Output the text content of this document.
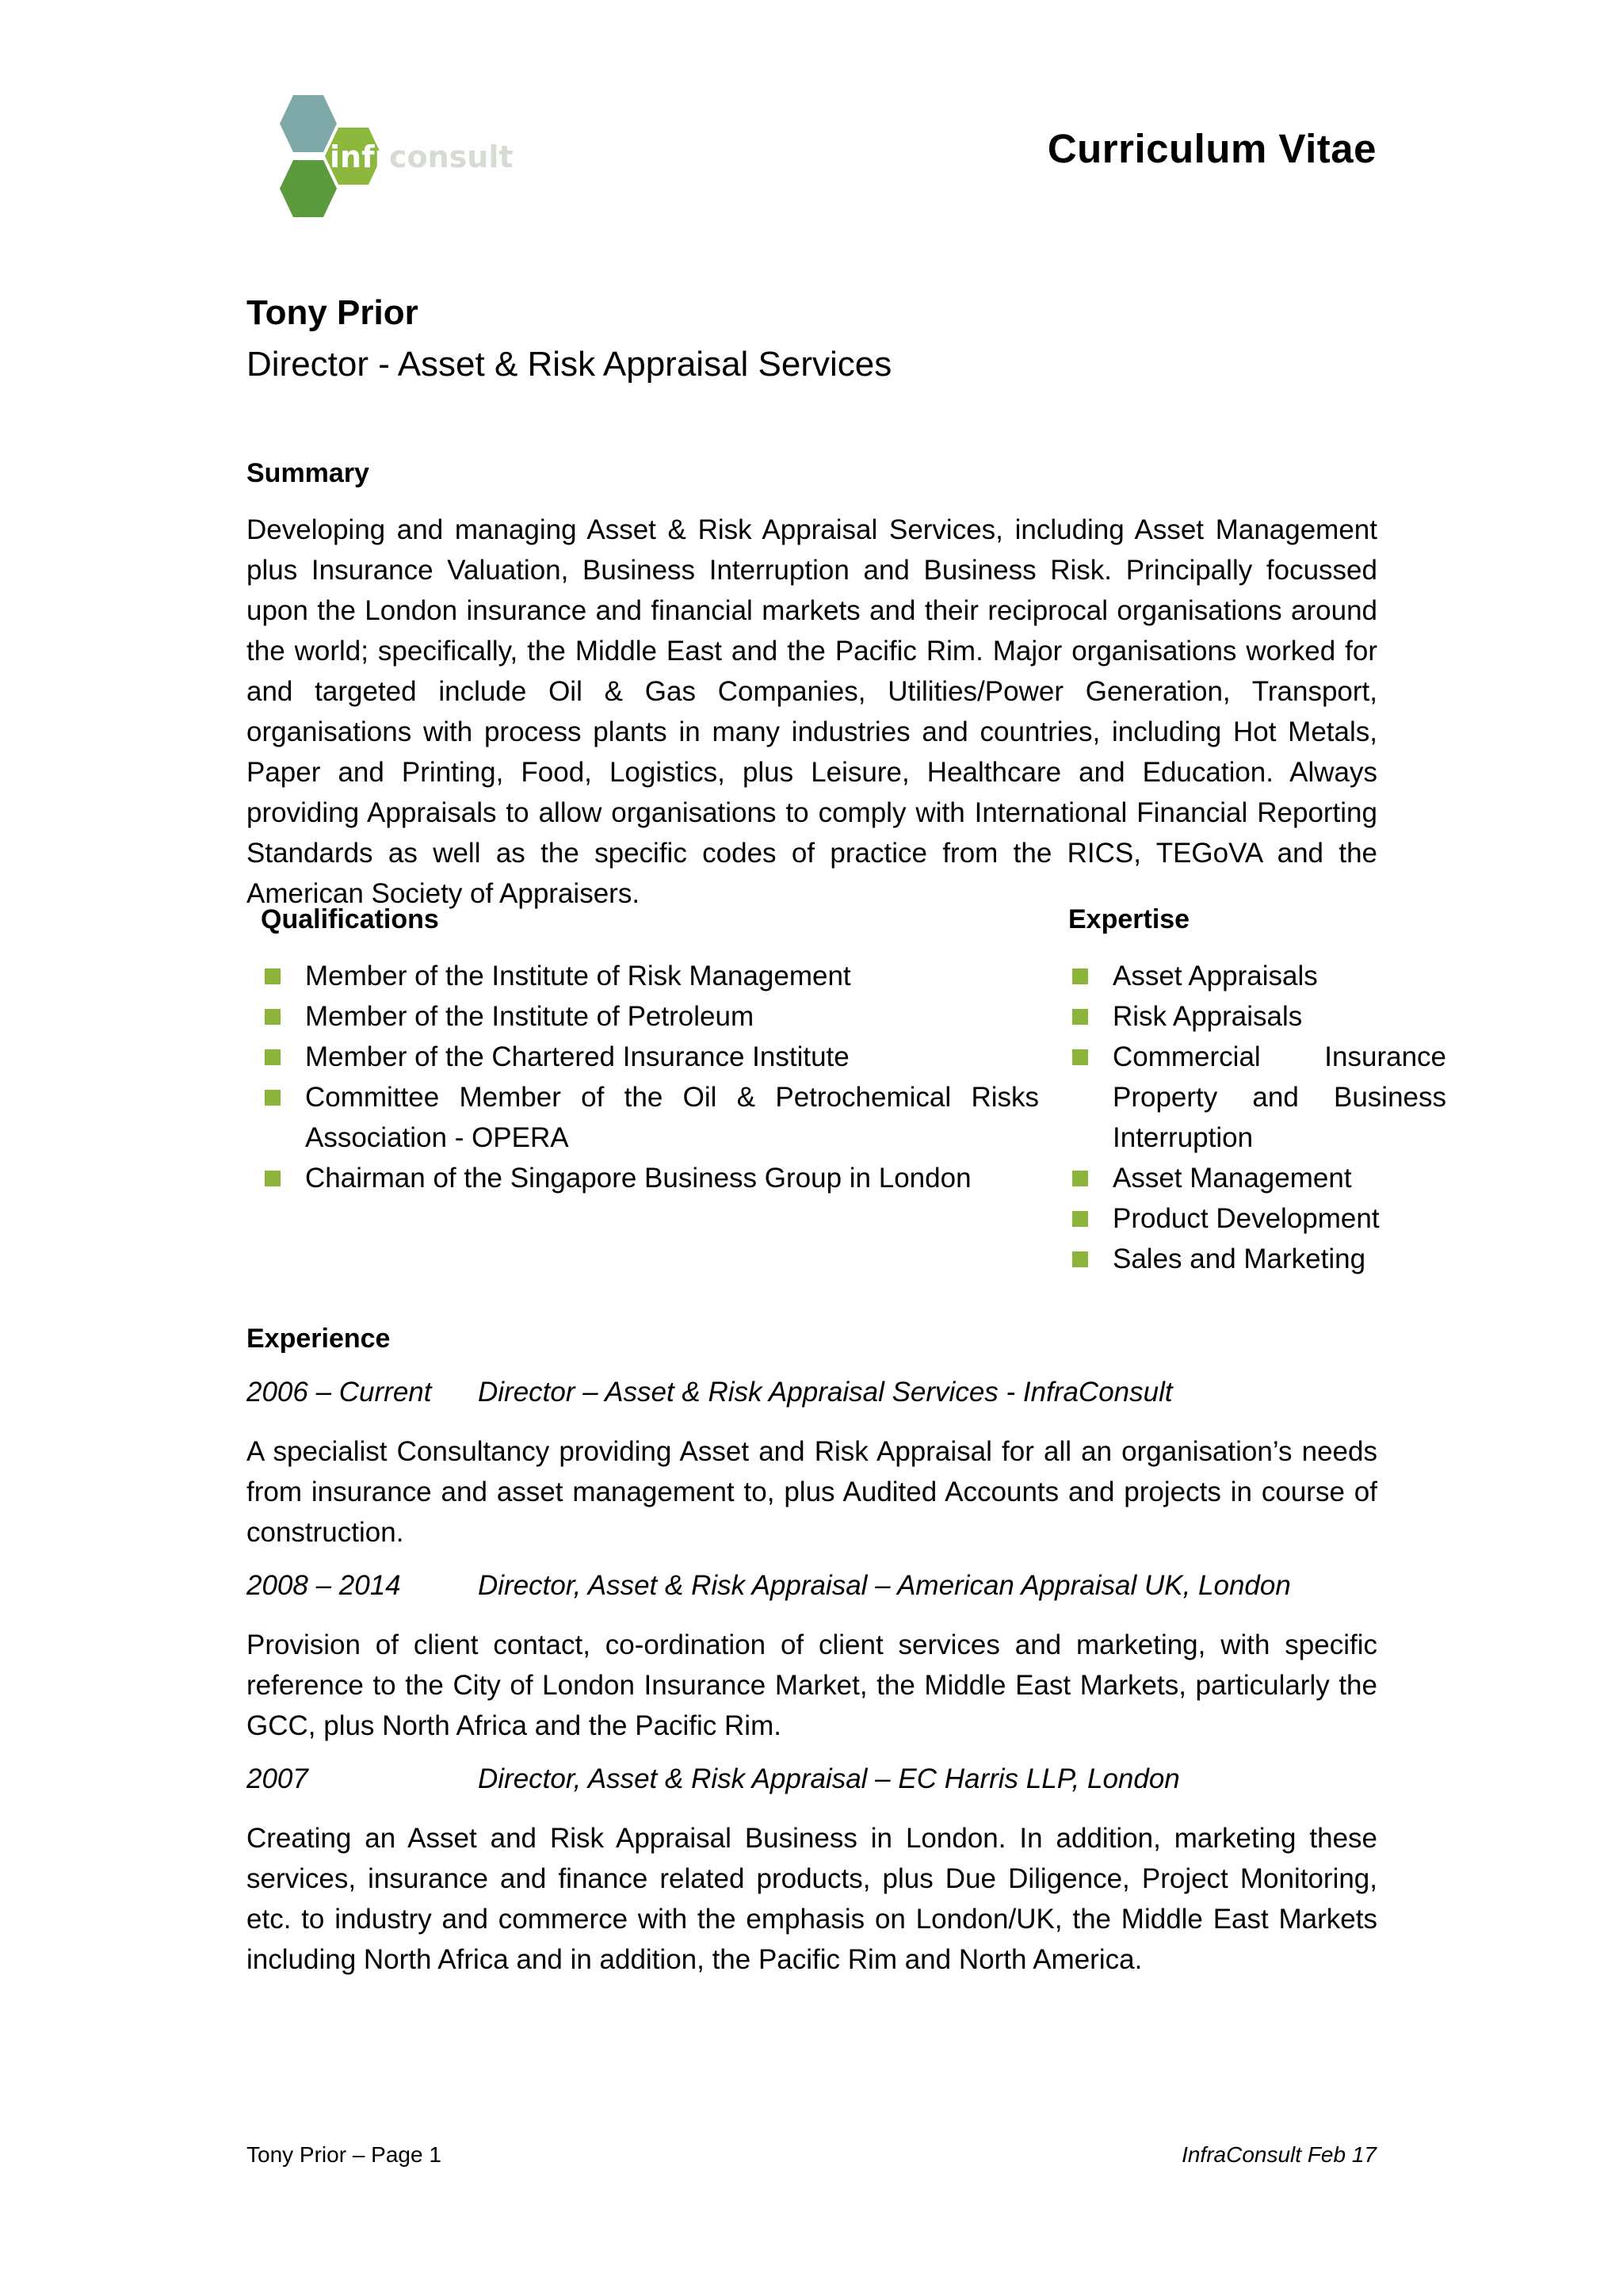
infra
consult	Curriculum Vitae
Tony Prior
Director - Asset & Risk Appraisal Services
Summary

Developing and managing Asset & Risk Appraisal Services, including Asset Management plus Insurance Valuation, Business Interruption and Business Risk. Principally focussed upon the London insurance and financial markets and their reciprocal organisations around the world; specifically, the Middle East and the Pacific Rim. Major organisations worked for and targeted include Oil & Gas Companies, Utilities/Power Generation, Transport, organisations with process plants in many industries and countries, including Hot Metals, Paper and Printing, Food, Logistics, plus Leisure, Healthcare and Education. Always providing Appraisals to allow organisations to comply with International Financial Reporting Standards as well as the specific codes of practice from the RICS, TEGoVA and the American Society of Appraisers.

Qualifications
Member of the Institute of Risk Management
Member of the Institute of Petroleum
Member of the Chartered Insurance Institute
Committee Member of the Oil & Petrochemical Risks Association - OPERA
Chairman of the Singapore Business Group in London
Expertise
Asset Appraisals
Risk Appraisals
Commercial Insurance Property and Business Interruption
Asset Management
Product Development
Sales and Marketing
Experience
2006 – Current Director – Asset & Risk Appraisal Services - InfraConsult

A specialist Consultancy providing Asset and Risk Appraisal for all an organisation’s needs from insurance and asset management to, plus Audited Accounts and projects in course of construction.

2008 – 2014	Director, Asset & Risk Appraisal – American Appraisal UK, London

Provision of client contact, co-ordination of client services and marketing, with specific reference to the City of London Insurance Market, the Middle East Markets, particularly the GCC, plus North Africa and the Pacific Rim.

2007	Director, Asset & Risk Appraisal – EC Harris LLP, London

Creating an Asset and Risk Appraisal Business in London. In addition, marketing these services, insurance and finance related products, plus Due Diligence, Project Monitoring, etc. to industry and commerce with the emphasis on London/UK, the Middle East Markets including North Africa and in addition, the Pacific Rim and North America.

Tony Prior – Page 1	InfraConsult Feb 17
